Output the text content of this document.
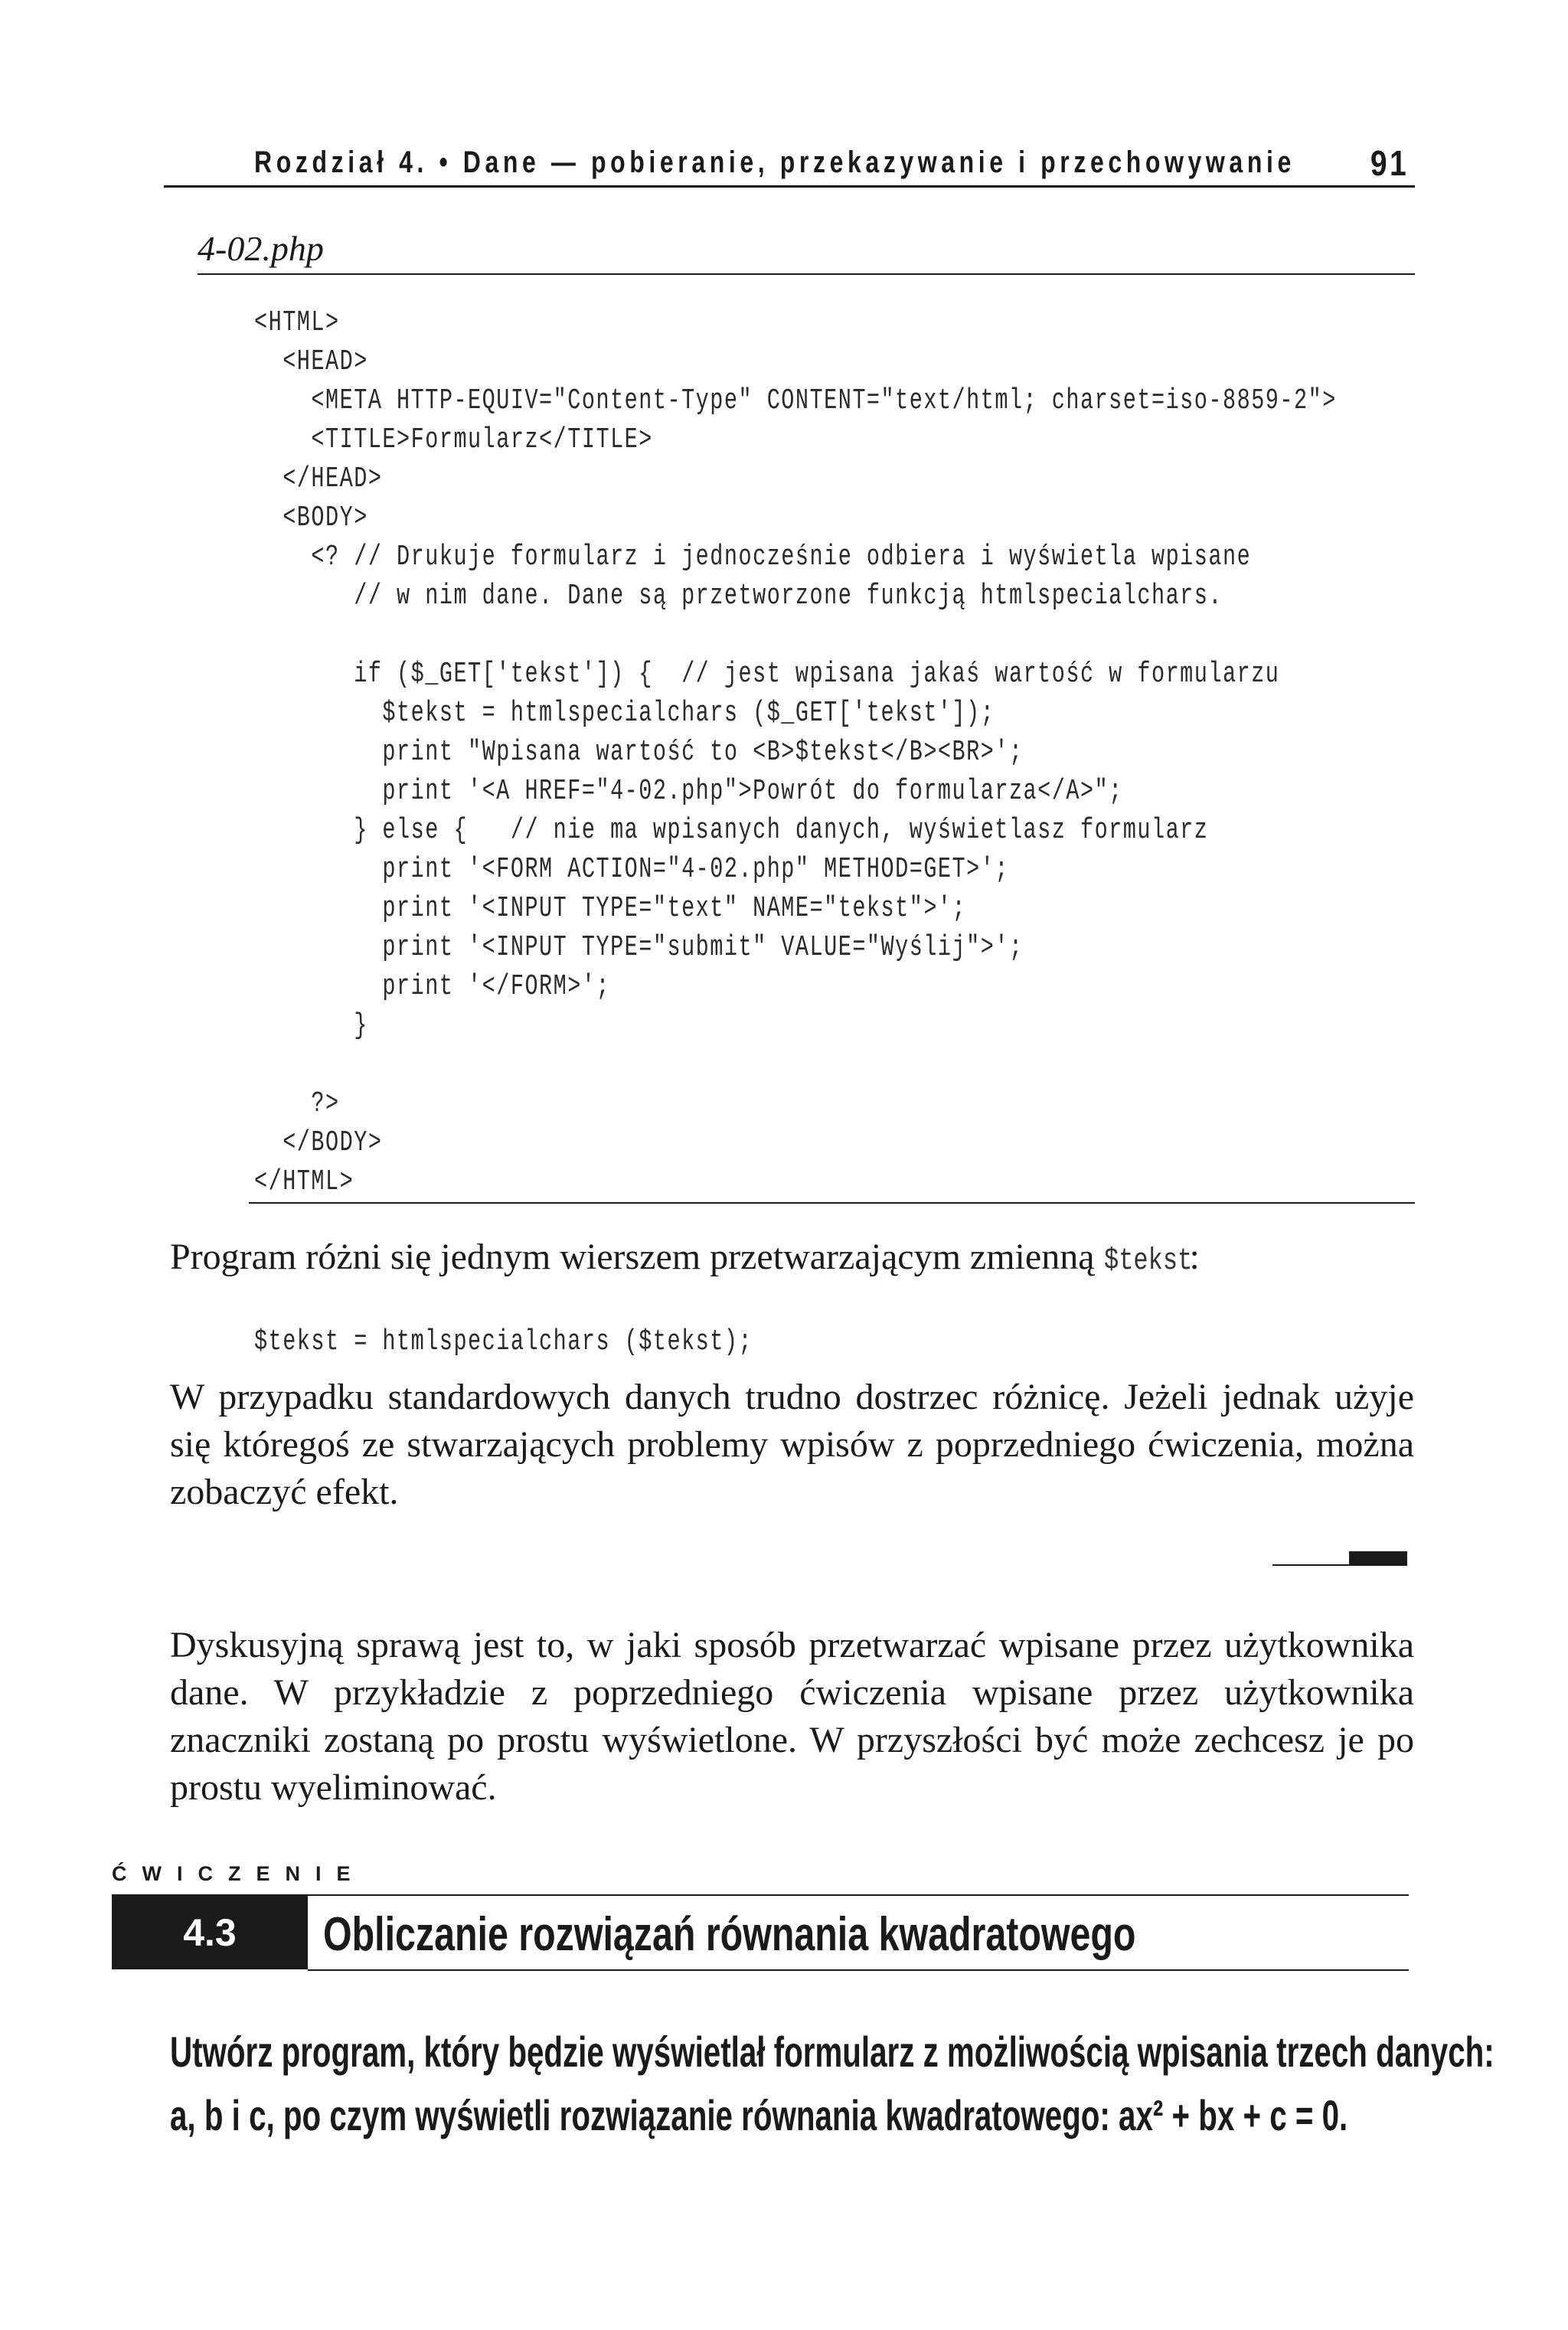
Rozdział 4. • Dane — pobieranie, przekazywanie i przechowywanie 91
4-02.php
<HTML>
<HEAD>
<META HTTP-EQUIV="Content-Type" CONTENT="text/html; charset=iso-8859-2">
<TITLE>Formularz</TITLE>
</HEAD>
<BODY>
<? // Drukuje formularz i jednocześnie odbiera i wyświetla wpisane
// w nim dane. Dane są przetworzone funkcją htmlspecialchars.
if ($_GET['tekst']) {  // jest wpisana jakaś wartość w formularzu
$tekst = htmlspecialchars ($_GET['tekst']);
print "Wpisana wartość to <B>$tekst</B><BR>';
print '<A HREF="4-02.php">Powrót do formularza</A>";
} else {   // nie ma wpisanych danych, wyświetlasz formularz
print '<FORM ACTION="4-02.php" METHOD=GET>';
print '<INPUT TYPE="text" NAME="tekst">';
print '<INPUT TYPE="submit" VALUE="Wyślij">';
print '</FORM>';
}
?>
</BODY>
</HTML>

Program różni się jednym wierszem przetwarzającym zmienną $tekst:

$tekst = htmlspecialchars ($tekst);

W przypadku standardowych danych trudno dostrzec różnicę. Jeżeli jednak użyje się któregoś ze stwarzających problemy wpisów z poprzedniego ćwiczenia, można zobaczyć efekt.

Dyskusyjną sprawą jest to, w jaki sposób przetwarzać wpisane przez użytkownika dane. W przykładzie z poprzedniego ćwiczenia wpisane przez użytkownika znaczniki zostaną po prostu wyświetlone. W przyszłości być może zechcesz je po prostu wyeliminować.

ĆWICZENIE
4.3 Obliczanie rozwiązań równania kwadratowego
Utwórz program, który będzie wyświetlał formularz z możliwością wpisania trzech danych:
a, b i c, po czym wyświetli rozwiązanie równania kwadratowego: ax² + bx + c = 0.
